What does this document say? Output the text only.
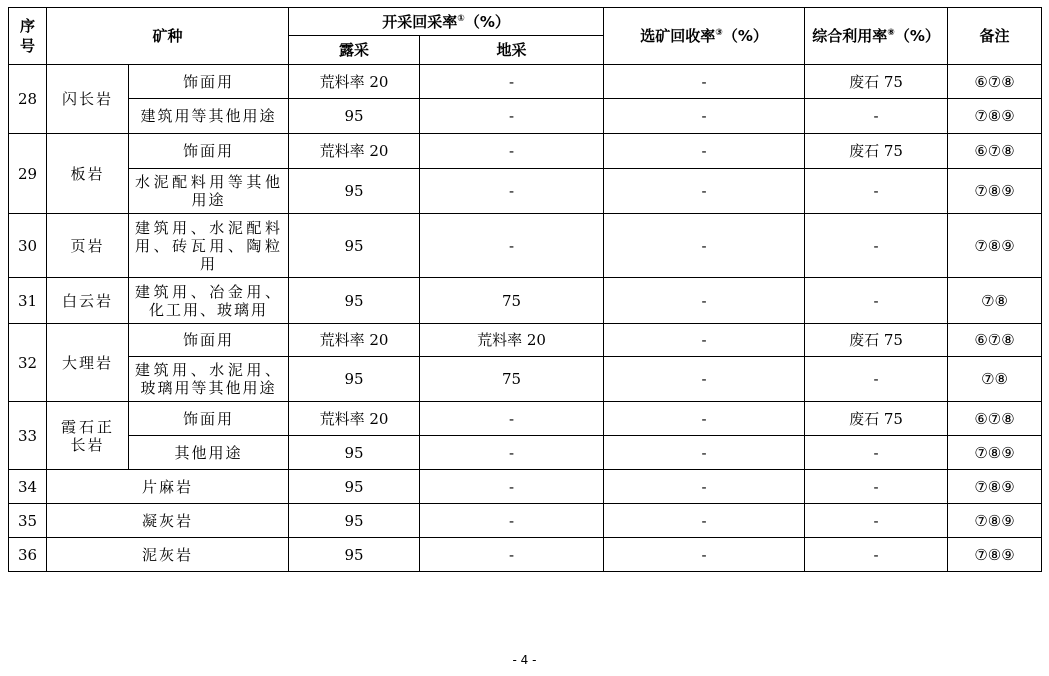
序号	矿种		开采回采率①（%）		选矿回收率③（%）	综合利用率⑧（%）	备注
			露采	地采			
28	闪长岩	饰面用	荒料率 20	-	-	废石 75	⑥⑦⑧
		建筑用等其他用途	95	-	-	-	⑦⑧⑨
29	板岩	饰面用	荒料率 20	-	-	废石 75	⑥⑦⑧
		水泥配料用等其他用途	95	-	-	-	⑦⑧⑨
30	页岩	建筑用、水泥配料用、砖瓦用、陶粒用	95	-	-	-	⑦⑧⑨
31	白云岩	建筑用、冶金用、化工用、玻璃用	95	75	-	-	⑦⑧
32	大理岩	饰面用	荒料率 20	荒料率 20	-	废石 75	⑥⑦⑧
		建筑用、水泥用、玻璃用等其他用途	95	75	-	-	⑦⑧
33	霞石正长岩	饰面用	荒料率 20	-	-	废石 75	⑥⑦⑧
		其他用途	95	-	-	-	⑦⑧⑨
34	片麻岩		95	-	-	-	⑦⑧⑨
35	凝灰岩		95	-	-	-	⑦⑧⑨
36	泥灰岩		95	-	-	-	⑦⑧⑨
- 4 -
